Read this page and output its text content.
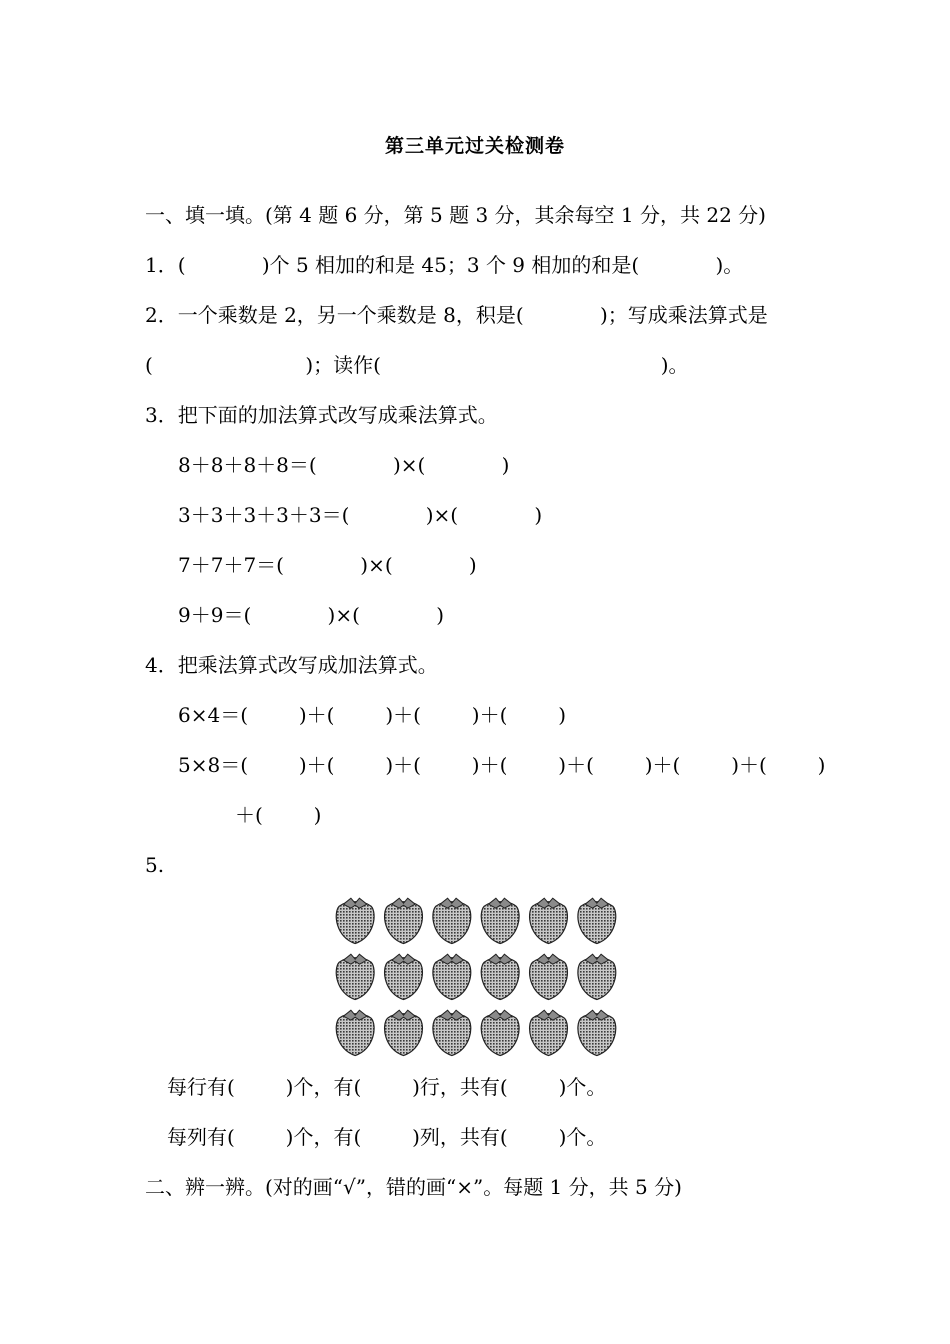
第三单元过关检测卷
一、填一填。(第 4 题 6 分，第 5 题 3 分，其余每空 1 分，共 22 分)
1．(            )个 5 相加的和是 45；3 个 9 相加的和是(            )。
2．一个乘数是 2，另一个乘数是 8，积是(            )；写成乘法算式是
(                        )；读作(                                            )。
3．把下面的加法算式改写成乘法算式。
8＋8＋8＋8＝(            )×(            )
3＋3＋3＋3＋3＝(            )×(            )
7＋7＋7＝(            )×(            )
9＋9＝(            )×(            )
4．把乘法算式改写成加法算式。
6×4＝(        )＋(        )＋(        )＋(        )
5×8＝(        )＋(        )＋(        )＋(        )＋(        )＋(        )＋(        )
＋(        )
5.
每行有(        )个，有(        )行，共有(        )个。
每列有(        )个，有(        )列，共有(        )个。
二、辨一辨。(对的画“√”，错的画“×”。每题 1 分，共 5 分)
